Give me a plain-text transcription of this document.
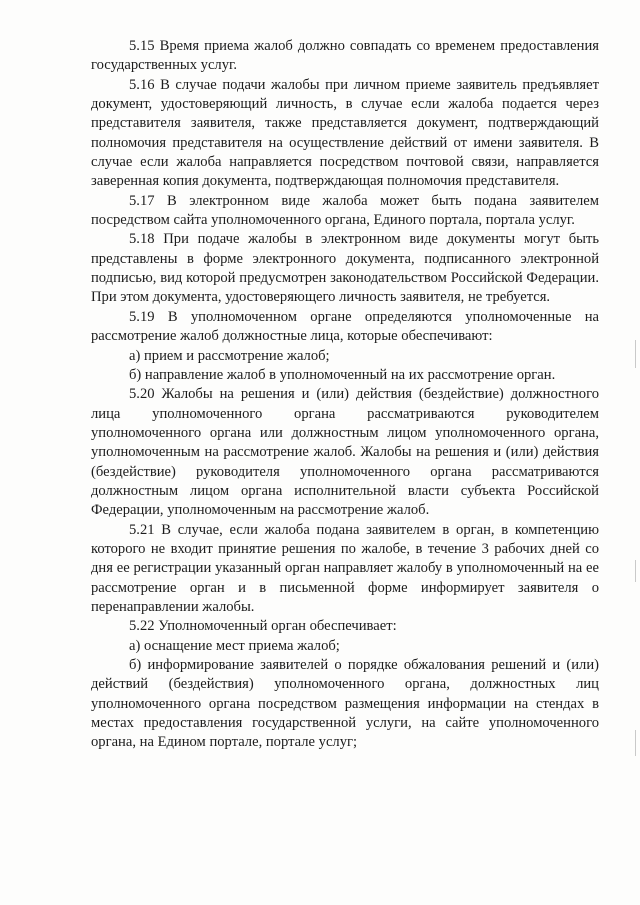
5.15 Время приема жалоб должно совпадать со временем предоставления государственных услуг.

5.16 В случае подачи жалобы при личном приеме заявитель предъявляет документ, удостоверяющий личность, в случае если жалоба подается через представителя заявителя, также представляется документ, подтверждающий полномочия представителя на осуществление действий от имени заявителя. В случае если жалоба направляется посредством почтовой связи, направляется заверенная копия документа, подтверждающая полномочия представителя.

5.17 В электронном виде жалоба может быть подана заявителем посредством сайта уполномоченного органа, Единого портала, портала услуг.

5.18 При подаче жалобы в электронном виде документы могут быть представлены в форме электронного документа, подписанного электронной подписью, вид которой предусмотрен законодательством Российской Федерации. При этом документа, удостоверяющего личность заявителя, не требуется.

5.19 В уполномоченном органе определяются уполномоченные на рассмотрение жалоб должностные лица, которые обеспечивают:

а) прием и рассмотрение жалоб;

б) направление жалоб в уполномоченный на их рассмотрение орган.

5.20 Жалобы на решения и (или) действия (бездействие) должностного лица уполномоченного органа рассматриваются руководителем уполномоченного органа или должностным лицом уполномоченного органа, уполномоченным на рассмотрение жалоб. Жалобы на решения и (или) действия (бездействие) руководителя уполномоченного органа рассматриваются должностным лицом органа исполнительной власти субъекта Российской Федерации, уполномоченным на рассмотрение жалоб.

5.21 В случае, если жалоба подана заявителем в орган, в компетенцию которого не входит принятие решения по жалобе, в течение 3 рабочих дней со дня ее регистрации указанный орган направляет жалобу в уполномоченный на ее рассмотрение орган и в письменной форме информирует заявителя о перенаправлении жалобы.

5.22 Уполномоченный орган обеспечивает:

а) оснащение мест приема жалоб;

б) информирование заявителей о порядке обжалования решений и (или) действий (бездействия) уполномоченного органа, должностных лиц уполномоченного органа посредством размещения информации на стендах в местах предоставления государственной услуги, на сайте уполномоченного органа, на Едином портале, портале услуг;
